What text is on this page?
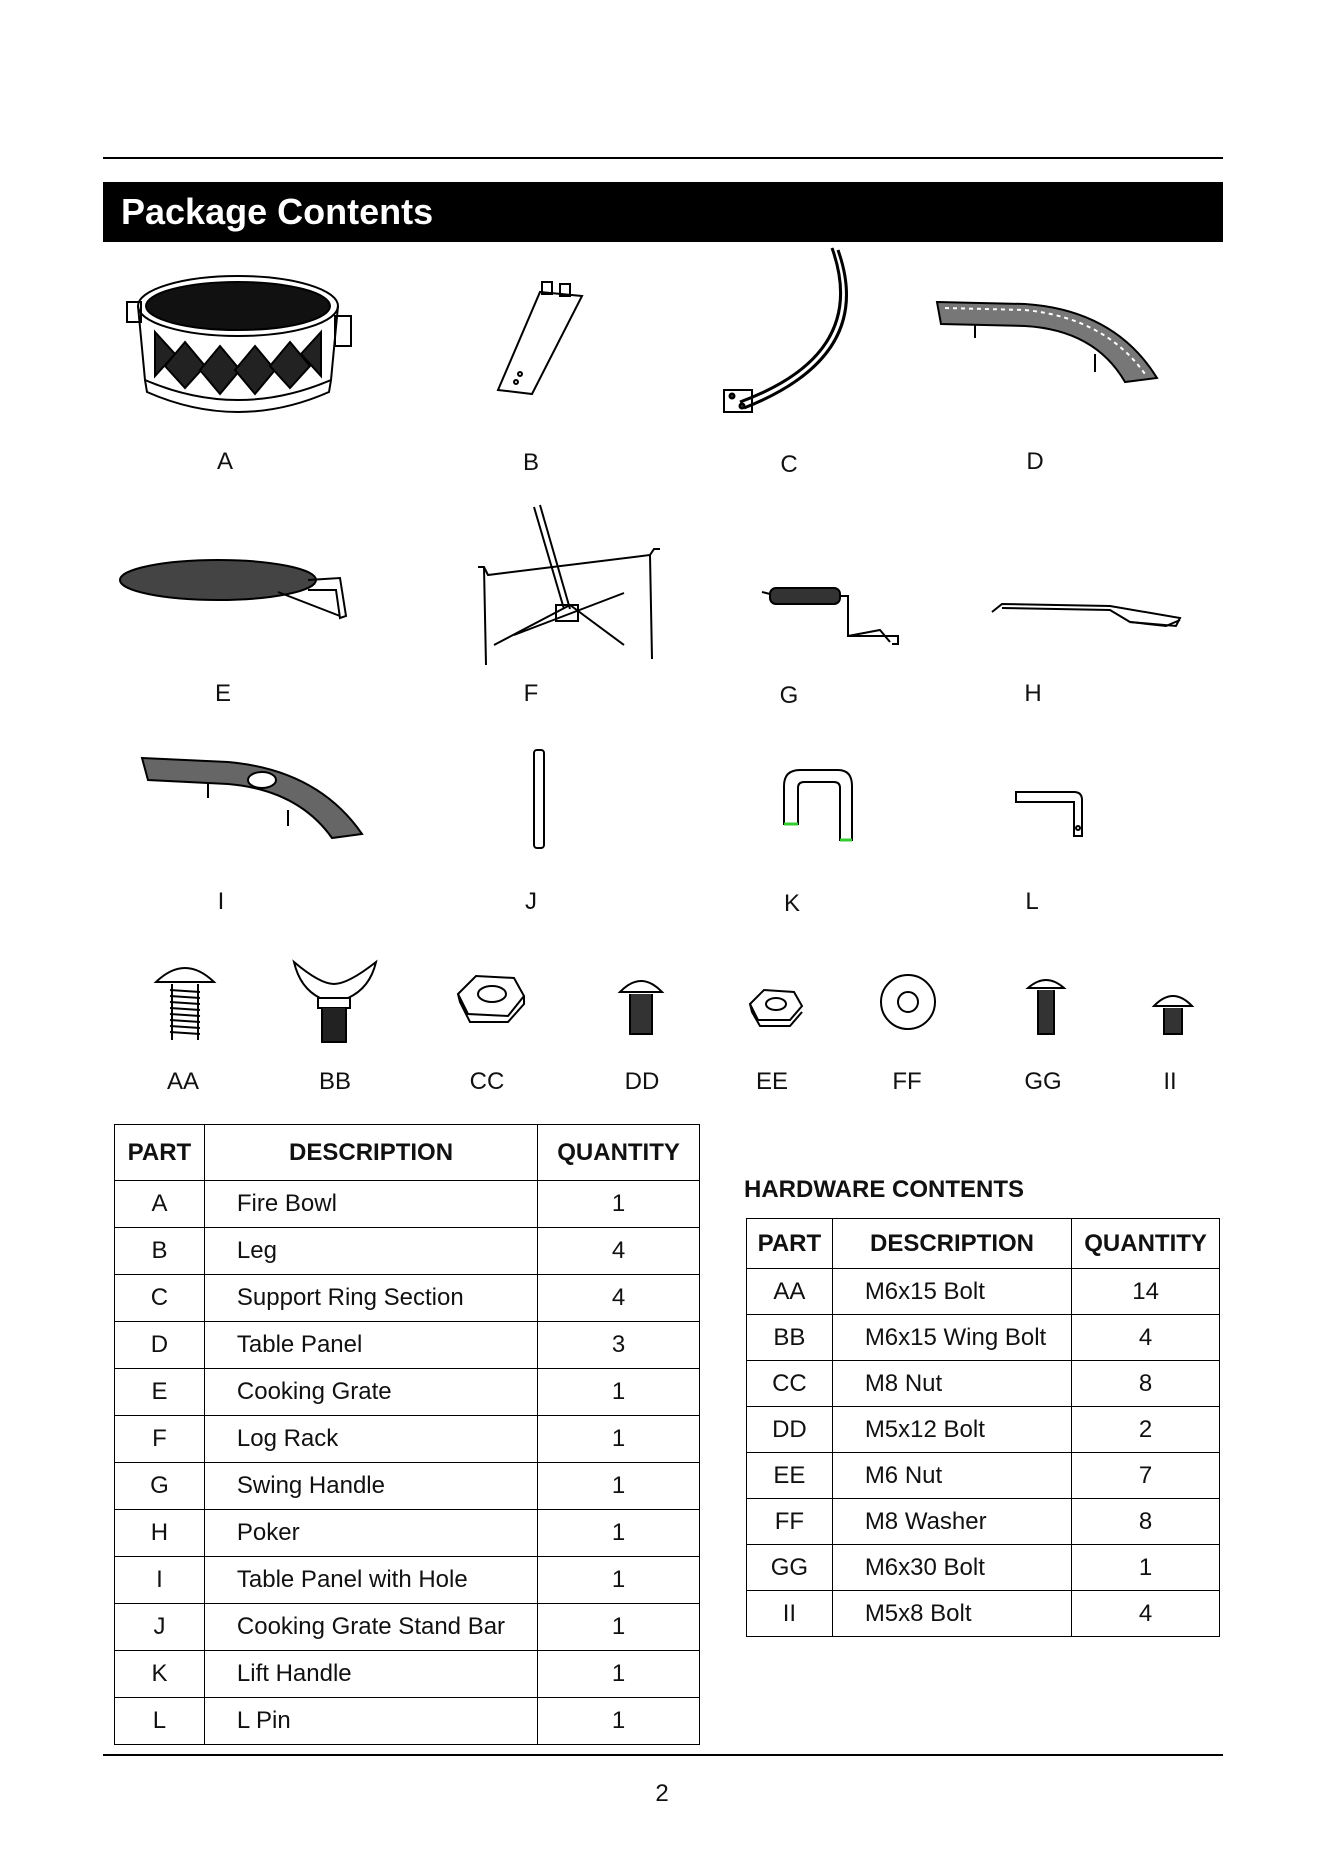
Package Contents
A	B	C	D
E	F	G	H
I	J	K	L
AA	BB	CC	DD	EE	FF	GG	II
PART	DESCRIPTION	QUANTITY
A	Fire Bowl	1
B	Leg	4
C	Support Ring Section	4
D	Table Panel	3
E	Cooking Grate	1
F	Log Rack	1
G	Swing Handle	1
H	Poker	1
I	Table Panel with Hole	1
J	Cooking Grate Stand Bar	1
K	Lift Handle	1
L	L Pin	1
HARDWARE CONTENTS
PART	DESCRIPTION	QUANTITY
AA	M6x15 Bolt	14
BB	M6x15 Wing Bolt	4
CC	M8 Nut	8
DD	M5x12 Bolt	2
EE	M6 Nut	7
FF	M8 Washer	8
GG	M6x30 Bolt	1
II	M5x8 Bolt	4
2
